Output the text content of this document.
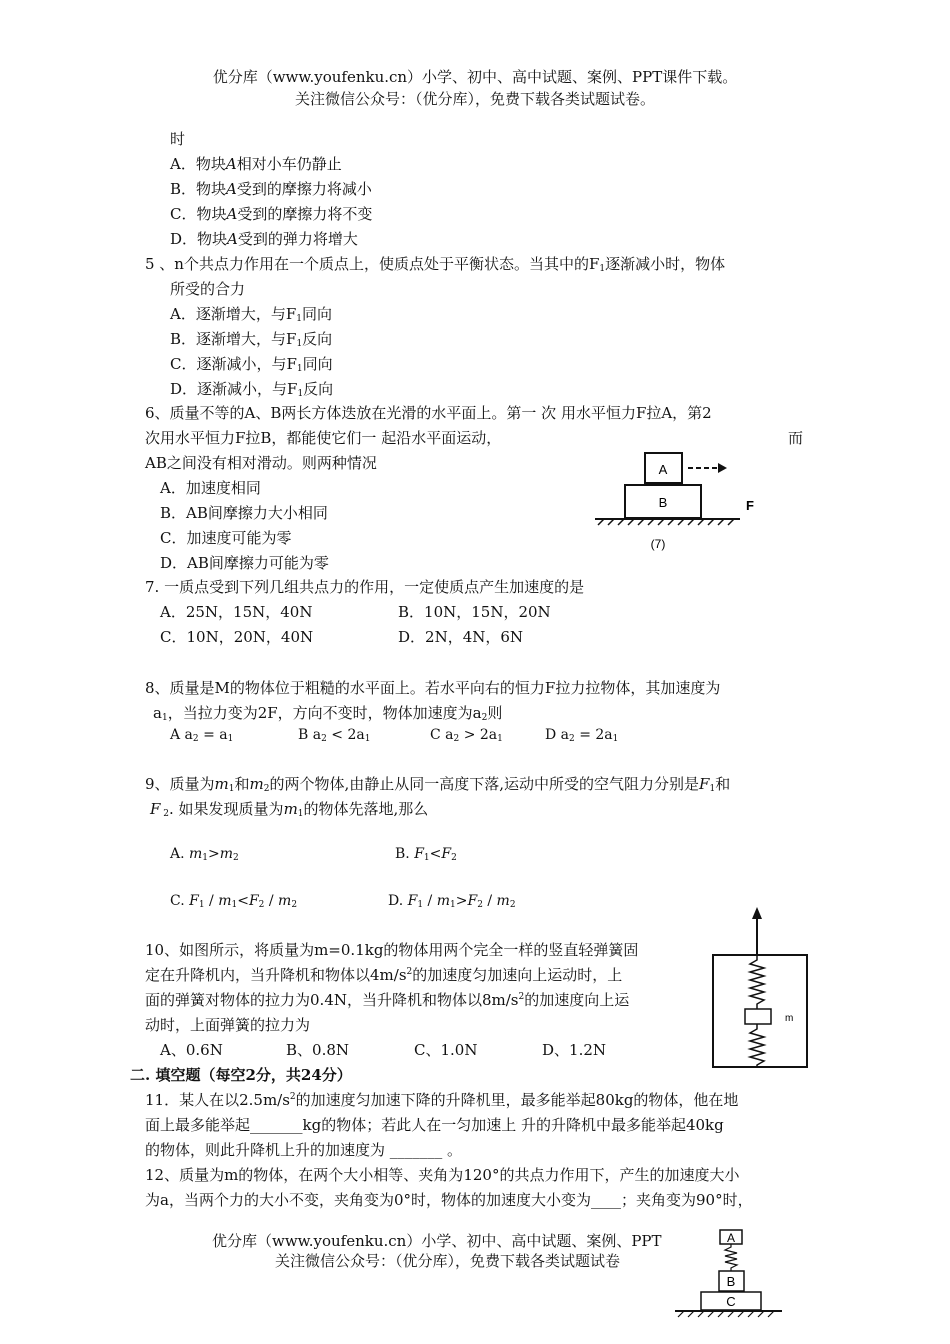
优分库（www.youfenku.cn）小学、初中、高中试题、案例、PPT课件下载。
关注微信公众号：（优分库），免费下载各类试题试卷。
时
A．物块A相对小车仍静止
B．物块A受到的摩擦力将减小
C．物块A受到的摩擦力将不变
D．物块A受到的弹力将增大
5 、n个共点力作用在一个质点上，使质点处于平衡状态。当其中的$F_1$逐渐减小时，物体
所受的合力
A．逐渐增大，与$F_1$同向
B．逐渐增大，与$F_1$反向
C．逐渐减小，与$F_1$同向
D．逐渐减小，与$F_1$反向
6、质量不等的A、B两长方体迭放在光滑的水平面上。第一 次 用水平恒力F拉A，第2
次用水平恒力F拉B，都能使它们一 起沿水平面运动，	而
AB之间没有相对滑动。则两种情况
A．加速度相同
B．AB间摩擦力大小相同
C．加速度可能为零
D．AB间摩擦力可能为零
A
B	F
(7)
7. 一质点受到下列几组共点力的作用，一定使质点产生加速度的是
A．25N，15N，40N	B．10N，15N，20N
C．10N，20N，40N	D．2N，4N，6N
8、质量是M的物体位于粗糙的水平面上。若水平向右的恒力F拉力拉物体，其加速度为
$a_1$，当拉力变为2F，方向不变时，物体加速度为$a_2$则
A $a_2 = a_1$	B $a_2 < 2a_1$	C $a_2 > 2a_1$	D $a_2 = 2a_1$
9、质量为$m_1$和$m_2$的两个物体,由静止从同一高度下落,运动中所受的空气阻力分别是$F_1$和
F $_2$. 如果发现质量为$m_1$的物体先落地,那么
A. $m_1>m_2$	B. $F_1<F_2$
C. $F_1 / m_1<F_2 / m_2$	D. $F_1 / m_1>F_2 / m_2$
10、如图所示，将质量为m=0.1kg的物体用两个完全一样的竖直轻弹簧固
定在升降机内，当升降机和物体以$4m/s^2$的加速度匀加速向上运动时，上
面的弹簧对物体的拉力为0.4N，当升降机和物体以$8m/s^2$的加速度向上运
动时，上面弹簧的拉力为
A、0.6N	B、0.8N	C、1.0N	D、1.2N
m
二. 填空题（每空2分，共24分）
11．某人在以$2.5m/s^2$的加速度匀加速下降的升降机里，最多能举起80kg的物体，他在地
面上最多能举起_______kg的物体；若此人在一匀加速上 升的升降机中最多能举起40kg
的物体，则此升降机上升的加速度为 _______ 。
12、质量为m的物体，在两个大小相等、夹角为120°的共点力作用下，产生的加速度大小
为a，当两个力的大小不变，夹角变为0°时，物体的加速度大小变为____；夹角变为90°时，
优分库（www.youfenku.cn）小学、初中、高中试题、案例、PPT
关注微信公众号：（优分库），免费下载各类试题试卷
A
B
C
